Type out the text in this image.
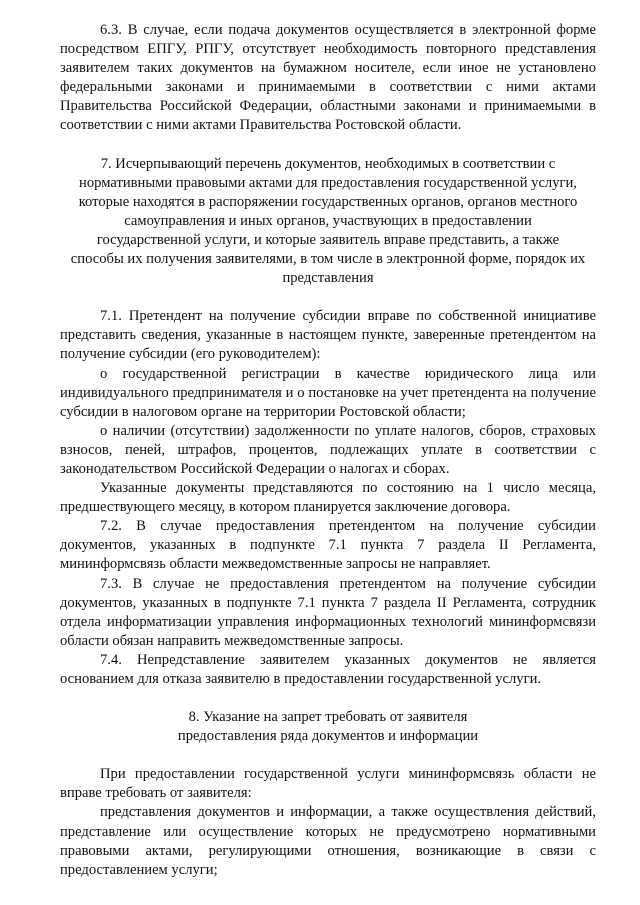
6.3. В случае, если подача документов осуществляется в электронной форме посредством ЕПГУ, РПГУ, отсутствует необходимость повторного представления заявителем таких документов на бумажном носителе, если иное не установлено федеральными законами и принимаемыми в соответствии с ними актами Правительства Российской Федерации, областными законами и принимаемыми в соответствии с ними актами Правительства Ростовской области.

7. Исчерпывающий перечень документов, необходимых в соответствии с
нормативными правовыми актами для предоставления государственной услуги,
которые находятся в распоряжении государственных органов, органов местного
самоуправления и иных органов, участвующих в предоставлении
государственной услуги, и которые заявитель вправе представить, а также
способы их получения заявителями, в том числе в электронной форме, порядок их
представления

7.1. Претендент на получение субсидии вправе по собственной инициативе представить сведения, указанные в настоящем пункте, заверенные претендентом на получение субсидии (его руководителем):

о государственной регистрации в качестве юридического лица или индивидуального предпринимателя и о постановке на учет претендента на получение субсидии в налоговом органе на территории Ростовской области;

о наличии (отсутствии) задолженности по уплате налогов, сборов, страховых взносов, пеней, штрафов, процентов, подлежащих уплате в соответствии с законодательством Российской Федерации о налогах и сборах.

Указанные документы представляются по состоянию на 1 число месяца, предшествующего месяцу, в котором планируется заключение договора.

7.2. В случае предоставления претендентом на получение субсидии документов, указанных в подпункте 7.1 пункта 7 раздела II Регламента, мининформсвязь области межведомственные запросы не направляет.

7.3. В случае не предоставления претендентом на получение субсидии документов, указанных в подпункте 7.1 пункта 7 раздела II Регламента, сотрудник отдела информатизации управления информационных технологий мининформсвязи области обязан направить межведомственные запросы.

7.4. Непредставление заявителем указанных документов не является основанием для отказа заявителю в предоставлении государственной услуги.

8. Указание на запрет требовать от заявителя
предоставления ряда документов и информации

При предоставлении государственной услуги мининформсвязь области не вправе требовать от заявителя:

представления документов и информации, а также осуществления действий, представление или осуществление которых не предусмотрено нормативными правовыми актами, регулирующими отношения, возникающие в связи с предоставлением услуги;
